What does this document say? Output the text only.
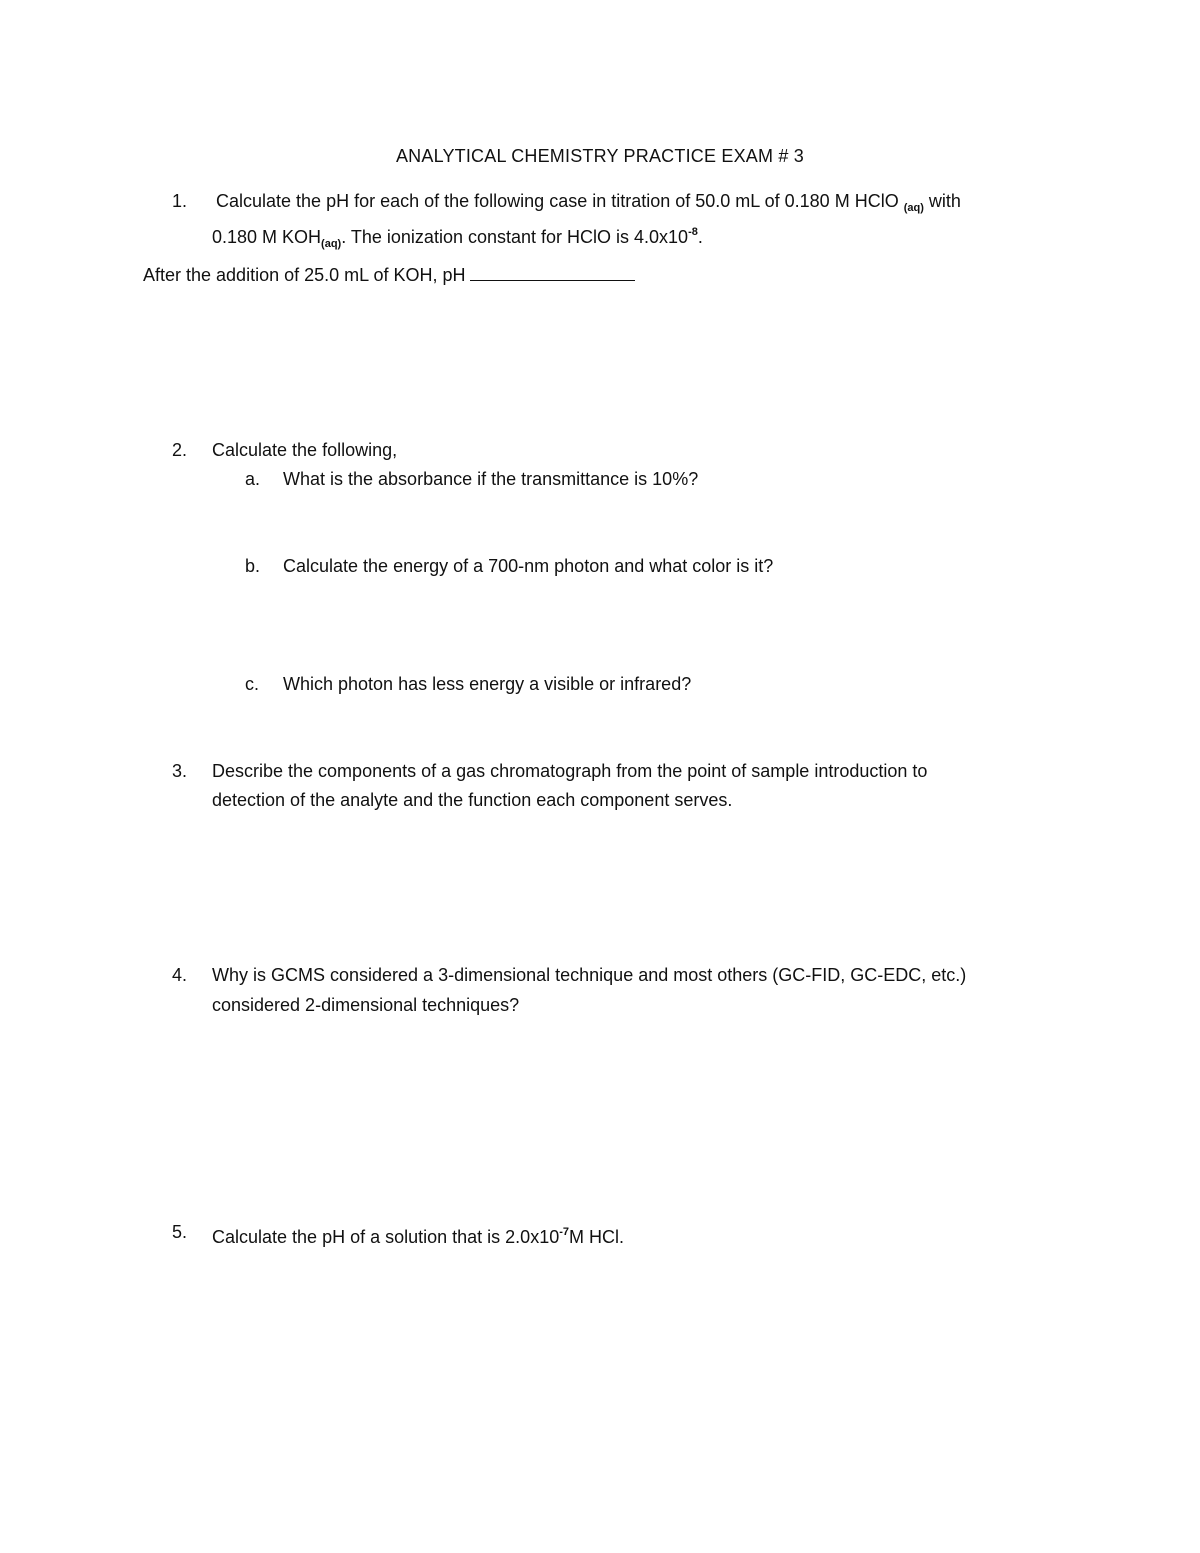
ANALYTICAL CHEMISTRY PRACTICE EXAM # 3
1.	Calculate the pH for each of the following case in titration of 50.0 mL of 0.180 M HClO $_{(aq)}$ with
0.180 M $KOH_{(aq)}$. The ionization constant for HClO is $4.0x10^{-8}$.
After the addition of 25.0 mL of KOH, pH
2.	Calculate the following,
a.	What is the absorbance if the transmittance is 10%?
b.	Calculate the energy of a 700-nm photon and what color is it?
c.	Which photon has less energy a visible or infrared?
3.	Describe the components of a gas chromatograph from the point of sample introduction to
detection of the analyte and the function each component serves.
4.	Why is GCMS considered a 3-dimensional technique and most others (GC-FID, GC-EDC, etc.)
considered 2-dimensional techniques?
5.	Calculate the pH of a solution that is $2.0x10^{-7}M$ HCl.
